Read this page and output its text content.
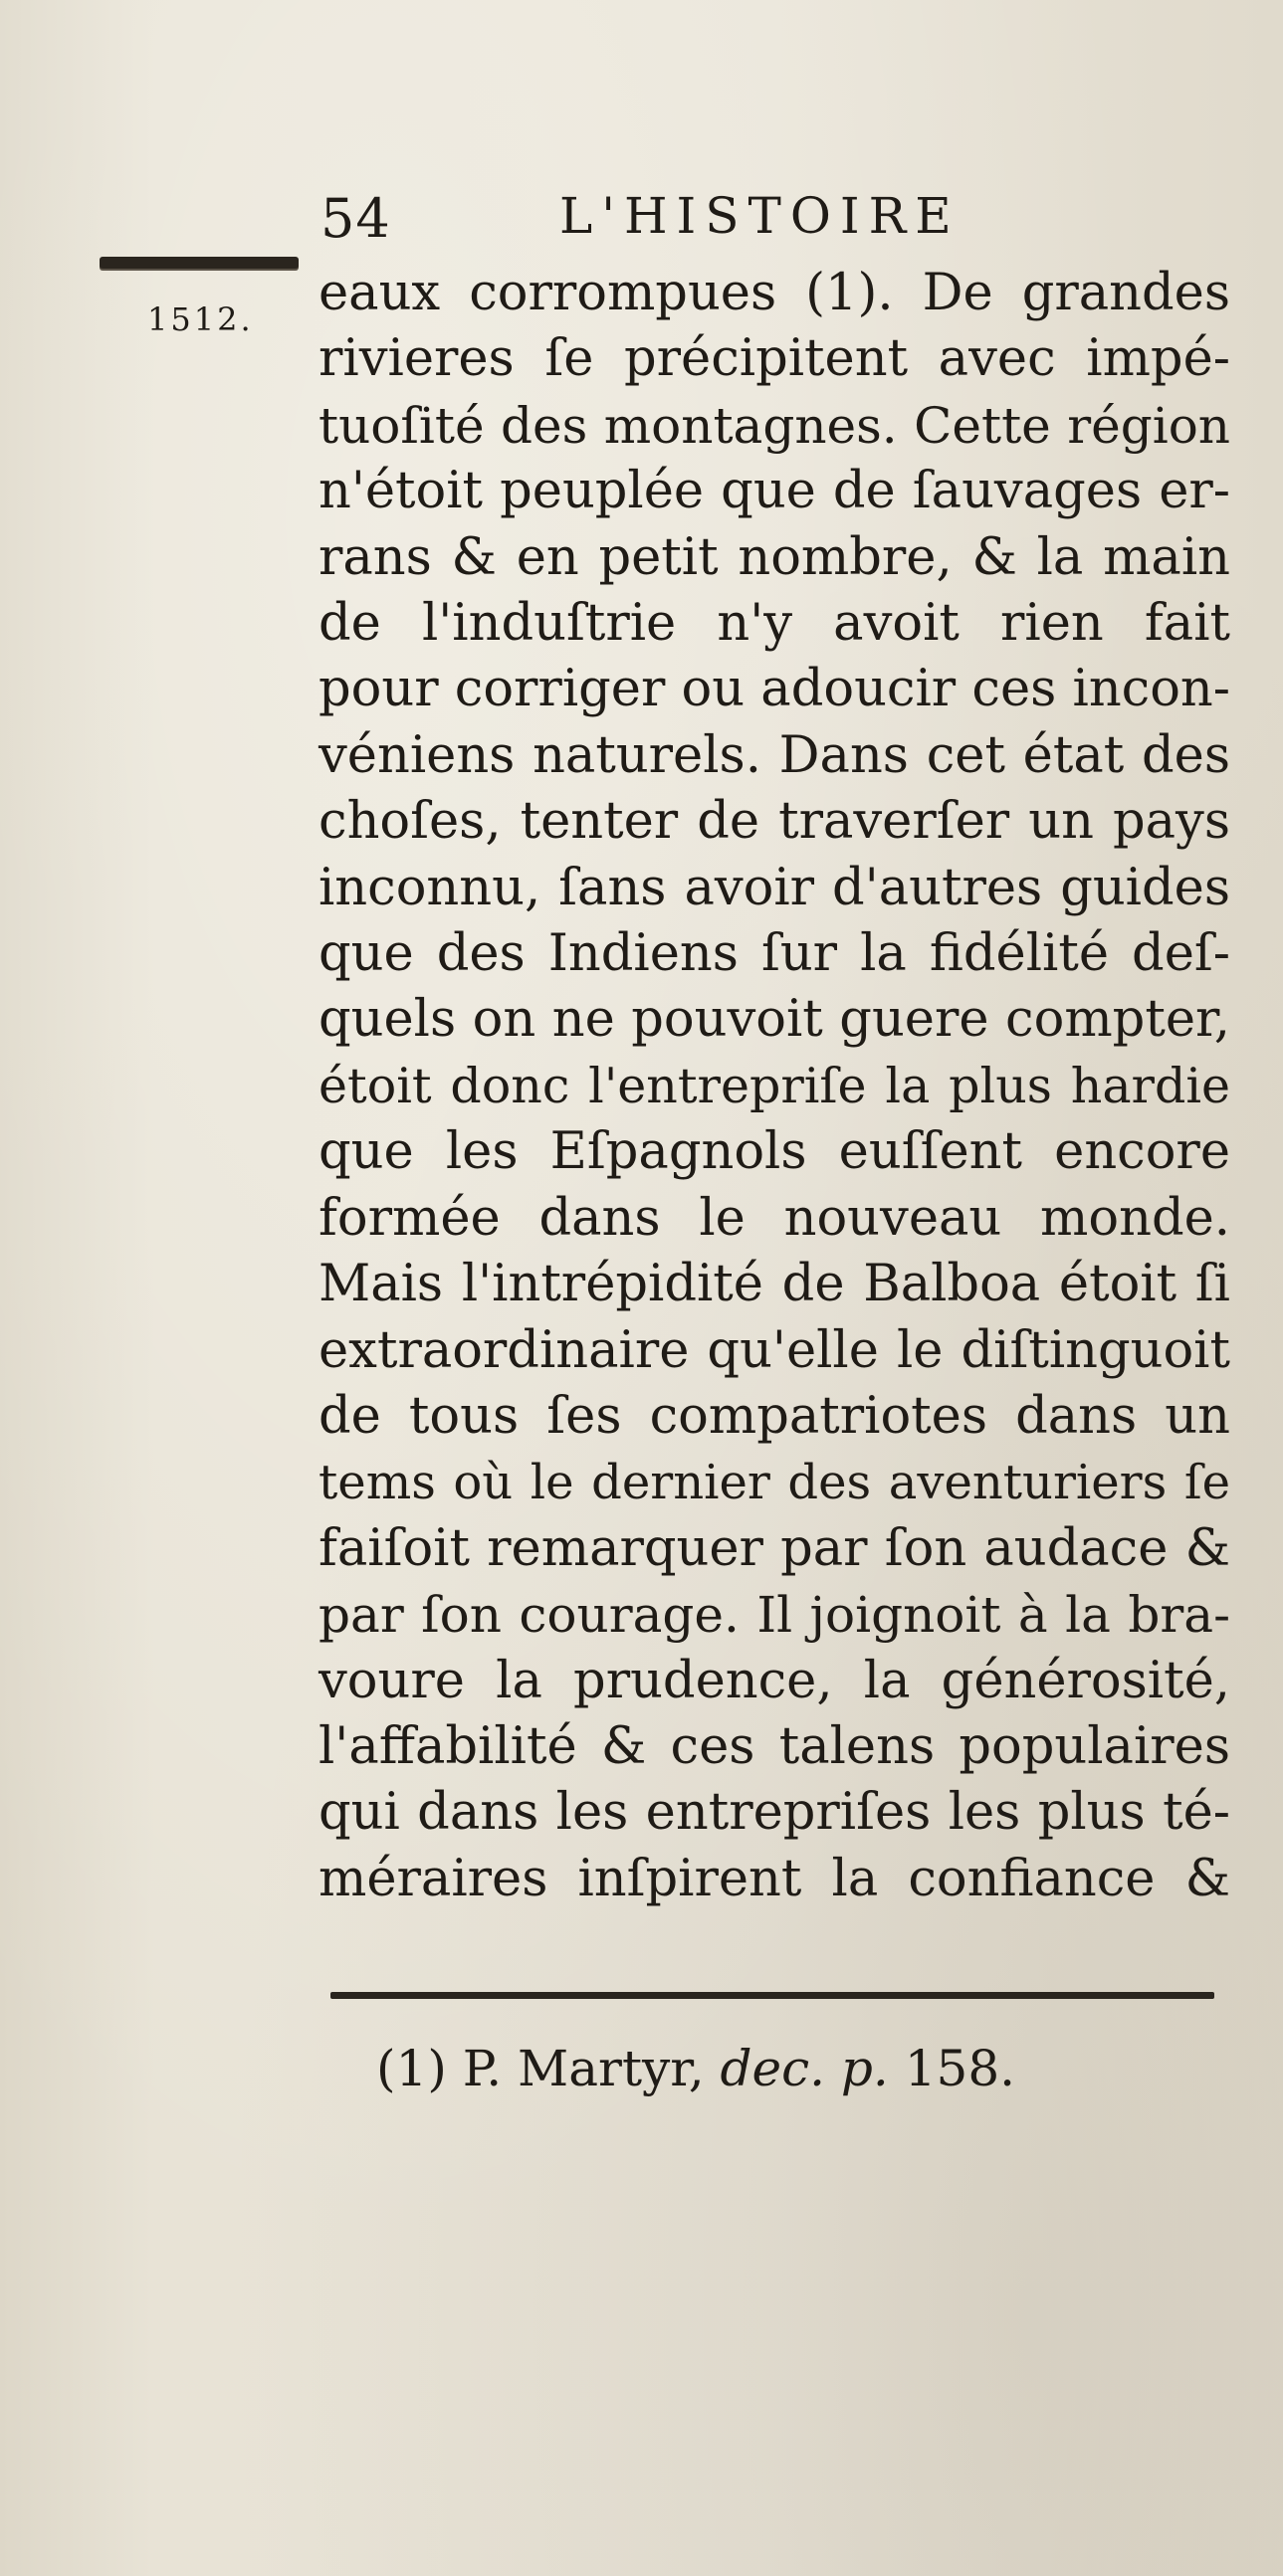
54	L'HISTOIRE
1512. eaux corrompues (1). De grandes
rivieres ſe précipitent avec impé-
tuoſité des montagnes. Cette région
n'étoit peuplée que de ſauvages er-
rans & en petit nombre, & la main
de l'induſtrie n'y avoit rien fait
pour corriger ou adoucir ces incon-
véniens naturels. Dans cet état des
choſes, tenter de traverſer un pays
inconnu, ſans avoir d'autres guides
que des Indiens ſur la fidélité deſ-
quels on ne pouvoit guere compter,
étoit donc l'entrepriſe la plus hardie
que les Eſpagnols euſſent encore
formée dans le nouveau monde.
Mais l'intrépidité de Balboa étoit ſi
extraordinaire qu'elle le diſtinguoit
de tous ſes compatriotes dans un
tems où le dernier des aventuriers ſe
faiſoit remarquer par ſon audace &
par ſon courage. Il joignoit à la bra-
voure la prudence, la générosité,
l'affabilité & ces talens populaires
qui dans les entrepriſes les plus té-
méraires inſpirent la confiance &
(1) P. Martyr, dec. p. 158.
